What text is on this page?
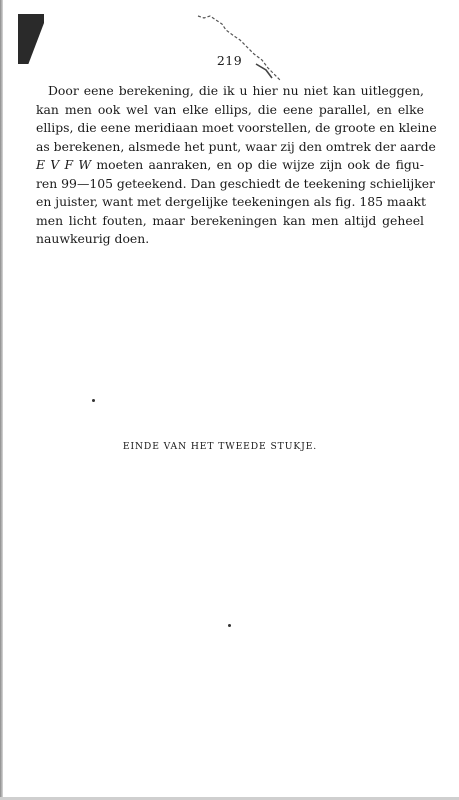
219
Door eene berekening, die ik u hier nu niet kan uitleggen,
kan men ook wel van elke ellips, die eene parallel, en elke
ellips, die eene meridiaan moet voorstellen, de groote en kleine
as berekenen, alsmede het punt, waar zij den omtrek der aarde
E V F W moeten aanraken, en op die wijze zijn ook de figu-
ren 99—105 geteekend. Dan geschiedt de teekening schielijker
en juister, want met dergelijke teekeningen als fig. 185 maakt
men licht fouten, maar berekeningen kan men altijd geheel
nauwkeurig doen.
EINDE VAN HET TWEEDE STUKJE.
